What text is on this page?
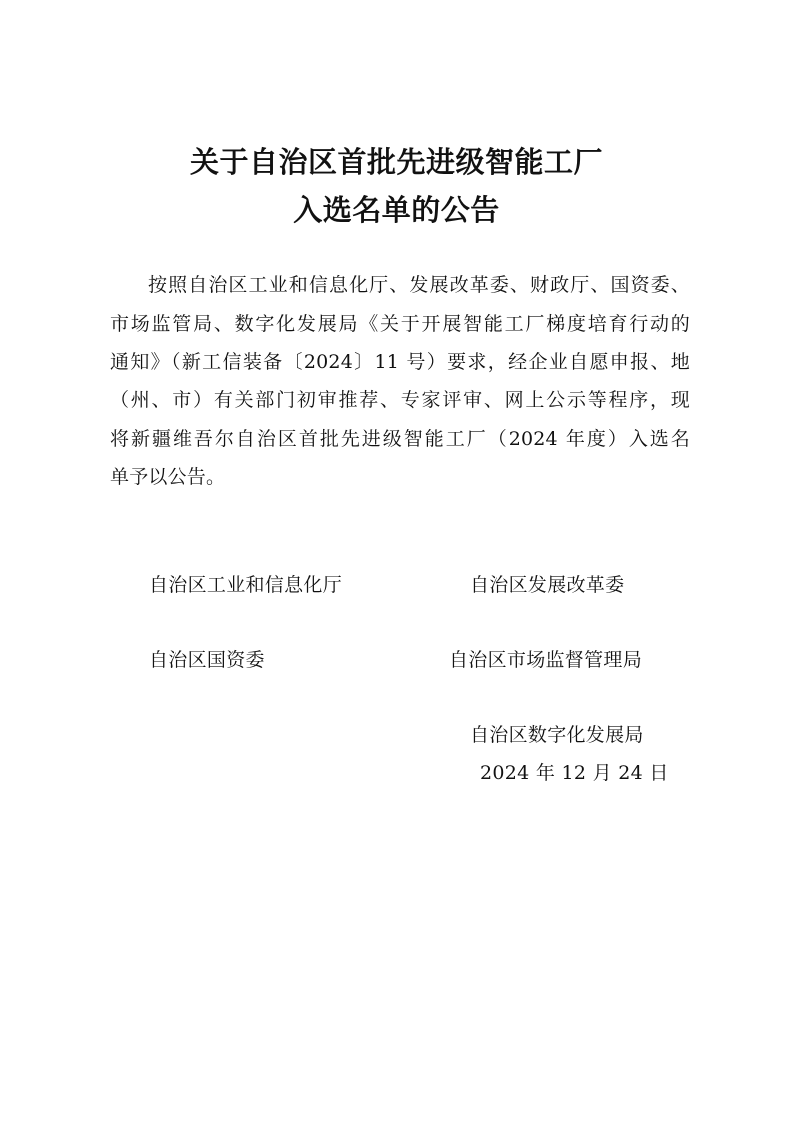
关于自治区首批先进级智能工厂
入选名单的公告
按照自治区工业和信息化厅、发展改革委、财政厅、国资委、
市场监管局、数字化发展局《关于开展智能工厂梯度培育行动的
通知》（新工信装备〔2024〕11 号）要求，经企业自愿申报、地
（州、市）有关部门初审推荐、专家评审、网上公示等程序，现
将新疆维吾尔自治区首批先进级智能工厂（2024 年度）入选名
单予以公告。
自治区工业和信息化厅	自治区发展改革委
自治区国资委	自治区市场监督管理局
自治区数字化发展局
2024 年 12 月 24 日
